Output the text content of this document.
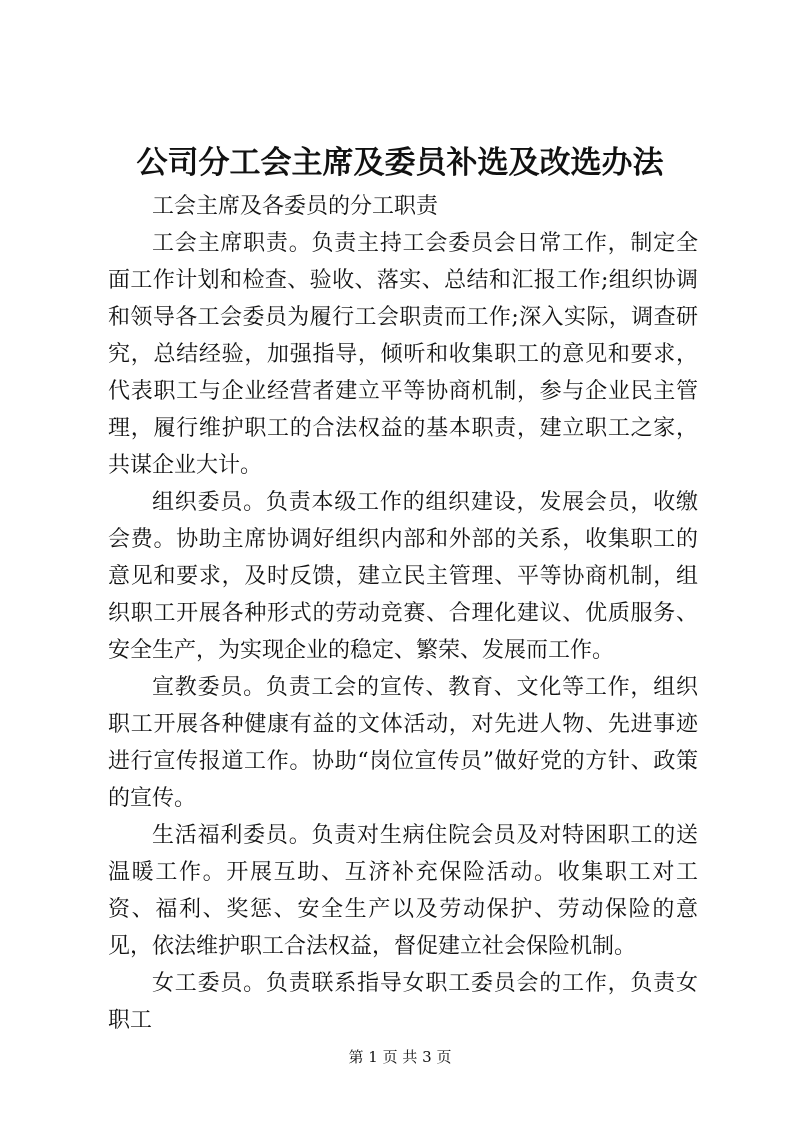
公司分工会主席及委员补选及改选办法

工会主席及各委员的分工职责

工会主席职责。负责主持工会委员会日常工作，制定全面工作计划和检查、验收、落实、总结和汇报工作;组织协调和领导各工会委员为履行工会职责而工作;深入实际，调查研究，总结经验，加强指导，倾听和收集职工的意见和要求，代表职工与企业经营者建立平等协商机制，参与企业民主管理，履行维护职工的合法权益的基本职责，建立职工之家，共谋企业大计。

组织委员。负责本级工作的组织建设，发展会员，收缴会费。协助主席协调好组织内部和外部的关系，收集职工的意见和要求，及时反馈，建立民主管理、平等协商机制，组织职工开展各种形式的劳动竞赛、合理化建议、优质服务、安全生产，为实现企业的稳定、繁荣、发展而工作。

宣教委员。负责工会的宣传、教育、文化等工作，组织职工开展各种健康有益的文体活动，对先进人物、先进事迹进行宣传报道工作。协助“岗位宣传员”做好党的方针、政策的宣传。

生活福利委员。负责对生病住院会员及对特困职工的送温暖工作。开展互助、互济补充保险活动。收集职工对工资、福利、奖惩、安全生产以及劳动保护、劳动保险的意见，依法维护职工合法权益，督促建立社会保险机制。

女工委员。负责联系指导女职工委员会的工作，负责女职工

第 1 页 共 3 页
